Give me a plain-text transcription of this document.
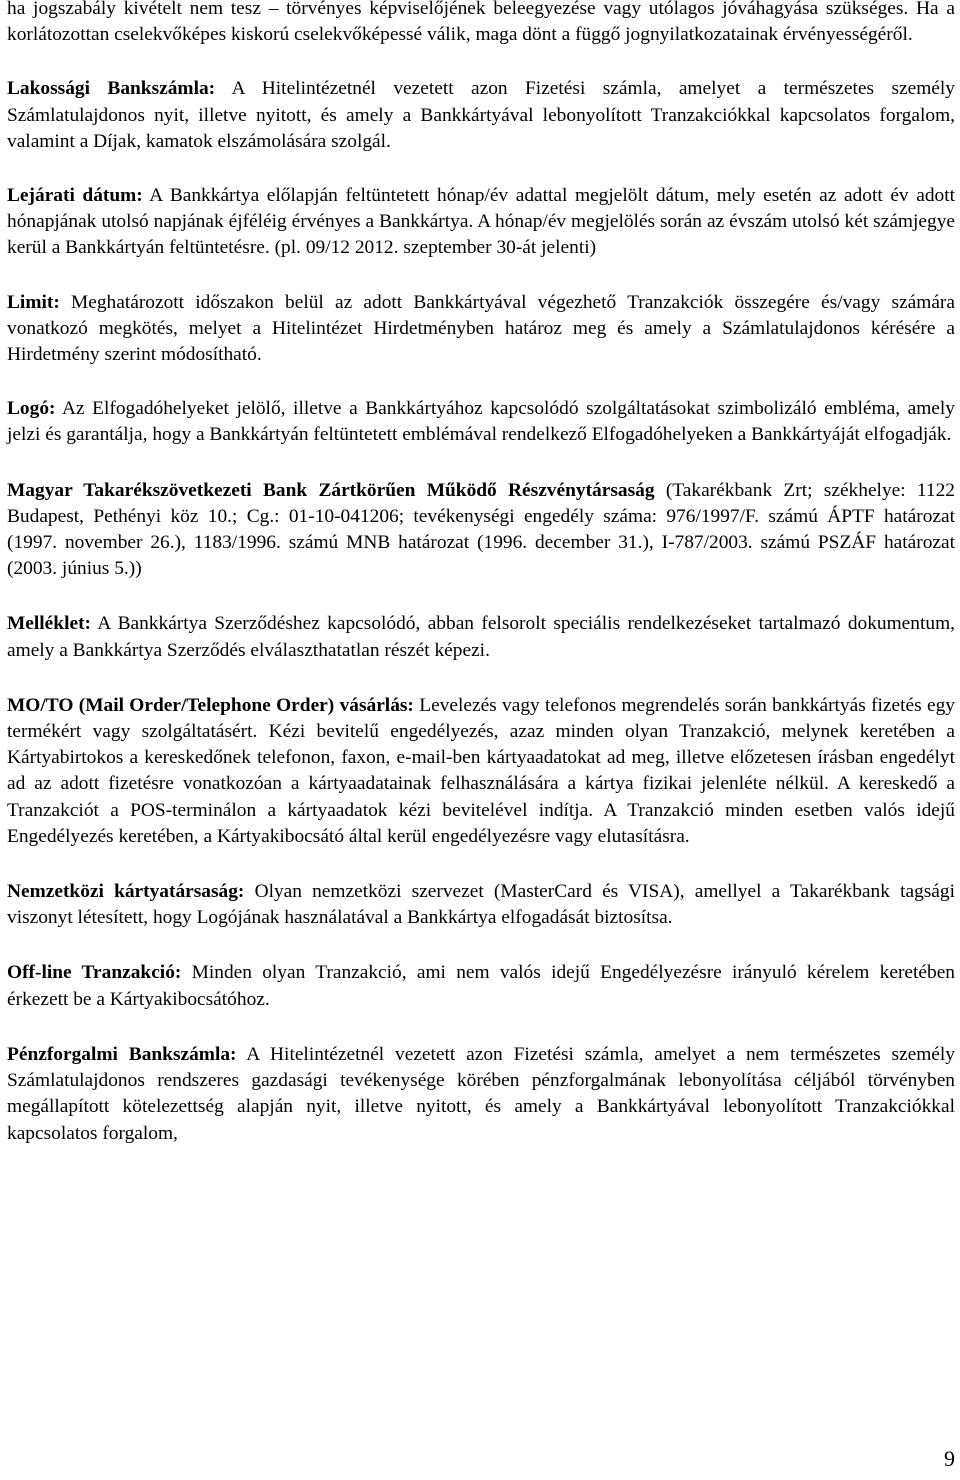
ha jogszabály kivételt nem tesz – törvényes képviselőjének beleegyezése vagy utólagos jóváhagyása szükséges. Ha a korlátozottan cselekvőképes kiskorú cselekvőképessé válik, maga dönt a függő jognyilatkozatainak érvényességéről.

Lakossági Bankszámla: A Hitelintézetnél vezetett azon Fizetési számla, amelyet a természetes személy Számlatulajdonos nyit, illetve nyitott, és amely a Bankkártyával lebonyolított Tranzakciókkal kapcsolatos forgalom, valamint a Díjak, kamatok elszámolására szolgál.

Lejárati dátum: A Bankkártya előlapján feltüntetett hónap/év adattal megjelölt dátum, mely esetén az adott év adott hónapjának utolsó napjának éjféléig érvényes a Bankkártya. A hónap/év megjelölés során az évszám utolsó két számjegye kerül a Bankkártyán feltüntetésre. (pl. 09/12 2012. szeptember 30-át jelenti)

Limit: Meghatározott időszakon belül az adott Bankkártyával végezhető Tranzakciók összegére és/vagy számára vonatkozó megkötés, melyet a Hitelintézet Hirdetményben határoz meg és amely a Számlatulajdonos kérésére a Hirdetmény szerint módosítható.

Logó: Az Elfogadóhelyeket jelölő, illetve a Bankkártyához kapcsolódó szolgáltatásokat szimbolizáló embléma, amely jelzi és garantálja, hogy a Bankkártyán feltüntetett emblémával rendelkező Elfogadóhelyeken a Bankkártyáját elfogadják.

Magyar Takarékszövetkezeti Bank Zártkörűen Működő Részvénytársaság (Takarékbank Zrt; székhelye: 1122 Budapest, Pethényi köz 10.; Cg.: 01-10-041206; tevékenységi engedély száma: 976/1997/F. számú ÁPTF határozat (1997. november 26.), 1183/1996. számú MNB határozat (1996. december 31.), I-787/2003. számú PSZÁF határozat (2003. június 5.))

Melléklet: A Bankkártya Szerződéshez kapcsolódó, abban felsorolt speciális rendelkezéseket tartalmazó dokumentum, amely a Bankkártya Szerződés elválaszthatatlan részét képezi.

MO/TO (Mail Order/Telephone Order) vásárlás: Levelezés vagy telefonos megrendelés során bankkártyás fizetés egy termékért vagy szolgáltatásért. Kézi bevitelű engedélyezés, azaz minden olyan Tranzakció, melynek keretében a Kártyabirtokos a kereskedőnek telefonon, faxon, e-mail-ben kártyaadatokat ad meg, illetve előzetesen írásban engedélyt ad az adott fizetésre vonatkozóan a kártyaadatainak felhasználására a kártya fizikai jelenléte nélkül. A kereskedő a Tranzakciót a POS-terminálon a kártyaadatok kézi bevitelével indítja. A Tranzakció minden esetben valós idejű Engedélyezés keretében, a Kártyakibocsátó által kerül engedélyezésre vagy elutasításra.

Nemzetközi kártyatársaság: Olyan nemzetközi szervezet (MasterCard és VISA), amellyel a Takarékbank tagsági viszonyt létesített, hogy Logójának használatával a Bankkártya elfogadását biztosítsa.

Off-line Tranzakció: Minden olyan Tranzakció, ami nem valós idejű Engedélyezésre irányuló kérelem keretében érkezett be a Kártyakibocsátóhoz.

Pénzforgalmi Bankszámla: A Hitelintézetnél vezetett azon Fizetési számla, amelyet a nem természetes személy Számlatulajdonos rendszeres gazdasági tevékenysége körében pénzforgalmának lebonyolítása céljából törvényben megállapított kötelezettség alapján nyit, illetve nyitott, és amely a Bankkártyával lebonyolított Tranzakciókkal kapcsolatos forgalom,

9
